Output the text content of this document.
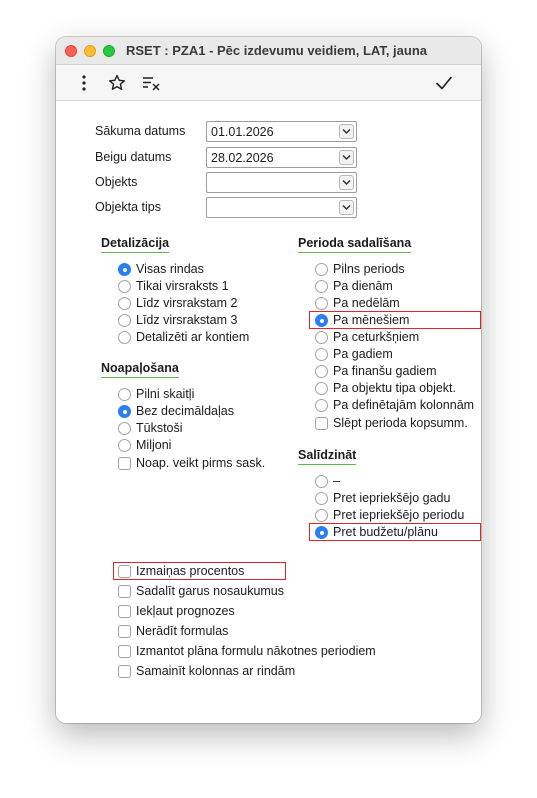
RSET : PZA1 - Pēc izdevumu veidiem, LAT, jauna
Sākuma datums 01.01.2026
Beigu datums	28.02.2026
Objekts
Objekta tips
Detalizācija
Visas rindas
Tikai virsraksts 1
Līdz virsrakstam 2
Līdz virsrakstam 3
Detalizēti ar kontiem
Noapaļošana
Pilni skaitļi
Bez decimāldaļas
Tūkstoši
Miljoni
Noap. veikt pirms sask.
Perioda sadalīšana
Pilns periods
Pa dienām
Pa nedēlām
Pa mēnešiem
Pa ceturkšņiem
Pa gadiem
Pa finanšu gadiem
Pa objektu tipa objekt.
Pa definētajām kolonnām
Slēpt perioda kopsumm.
Salīdzināt
–
Pret iepriekšējo gadu
Pret iepriekšējo periodu
Pret budžetu/plānu
Izmaiņas procentos
Sadalīt garus nosaukumus
Iekļaut prognozes
Nerādīt formulas
Izmantot plāna formulu nākotnes periodiem
Samainīt kolonnas ar rindām
